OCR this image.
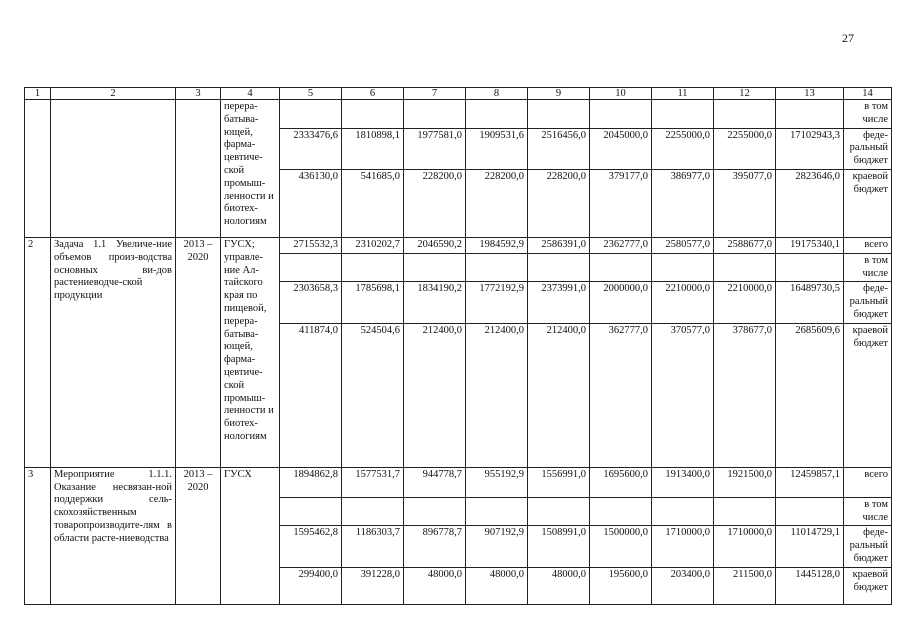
27
1	2	3	4	5	6	7	8	9	10	11	12	13	14
			перера-батыва-ющей, фарма-цевтиче-ской промыш-ленности и биотех-нологиям										в том числе
				2333476,6	1810898,1	1977581,0	1909531,6	2516456,0	2045000,0	2255000,0	2255000,0	17102943,3	феде-ральный бюджет
				436130,0	541685,0	228200,0	228200,0	228200,0	379177,0	386977,0	395077,0	2823646,0	краевой бюджет
2	Задача 1.1 Увеличе-ние объемов произ-водства основных ви-дов растениеводче-ской продукции	2013 – 2020	ГУСХ; управле-ние Ал-тайского края по пищевой, перера-батыва-ющей, фарма-цевтиче-ской промыш-ленности и биотех-нологиям	2715532,3	2310202,7	2046590,2	1984592,9	2586391,0	2362777,0	2580577,0	2588677,0	19175340,1	всего
													в том числе
				2303658,3	1785698,1	1834190,2	1772192,9	2373991,0	2000000,0	2210000,0	2210000,0	16489730,5	феде-ральный бюджет
				411874,0	524504,6	212400,0	212400,0	212400,0	362777,0	370577,0	378677,0	2685609,6	краевой бюджет
3	Мероприятие 1.1.1. Оказание несвязан-ной поддержки сель-скохозяйственным товаропроизводите-лям в области расте-ниеводства	2013 – 2020	ГУСХ	1894862,8	1577531,7	944778,7	955192,9	1556991,0	1695600,0	1913400,0	1921500,0	12459857,1	всего
													в том числе
				1595462,8	1186303,7	896778,7	907192,9	1508991,0	1500000,0	1710000,0	1710000,0	11014729,1	феде-ральный бюджет
				299400,0	391228,0	48000,0	48000,0	48000,0	195600,0	203400,0	211500,0	1445128,0	краевой бюджет
